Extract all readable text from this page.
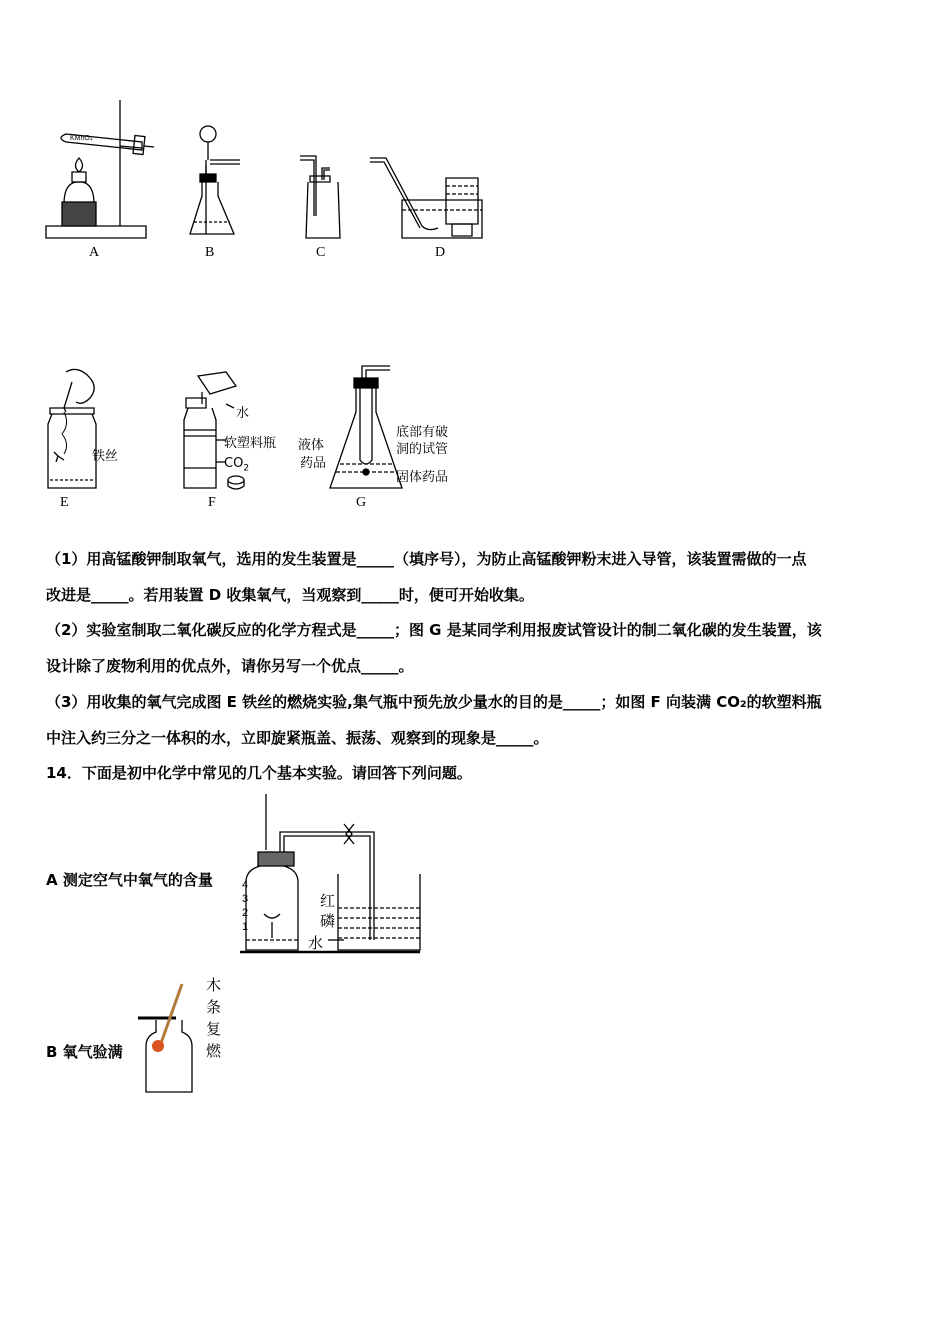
KMnO₄
A	B	C	D
铁丝
E
水
软塑料瓶
$CO_2$
F
液体
药品
底部有破
洞的试管
固体药品
G
（1）用高锰酸钾制取氧气，选用的发生装置是_____（填序号），为防止高锰酸钾粉末进入导管，该装置需做的一点
改进是_____。若用装置 D 收集氧气，当观察到_____时，便可开始收集。
（2）实验室制取二氧化碳反应的化学方程式是_____；图 G 是某同学利用报废试管设计的制二氧化碳的发生装置，该
设计除了废物利用的优点外，请你另写一个优点_____。
（3）用收集的氧气完成图 E 铁丝的燃烧实验,集气瓶中预先放少量水的目的是_____；如图 F 向装满 CO₂的软塑料瓶
中注入约三分之一体积的水，立即旋紧瓶盖、振荡、观察到的现象是_____。
14．下面是初中化学中常见的几个基本实验。请回答下列问题。
A 测定空气中氧气的含量	4
3
2
1
红
磷
水
B 氧气验满
木
条
复
燃
